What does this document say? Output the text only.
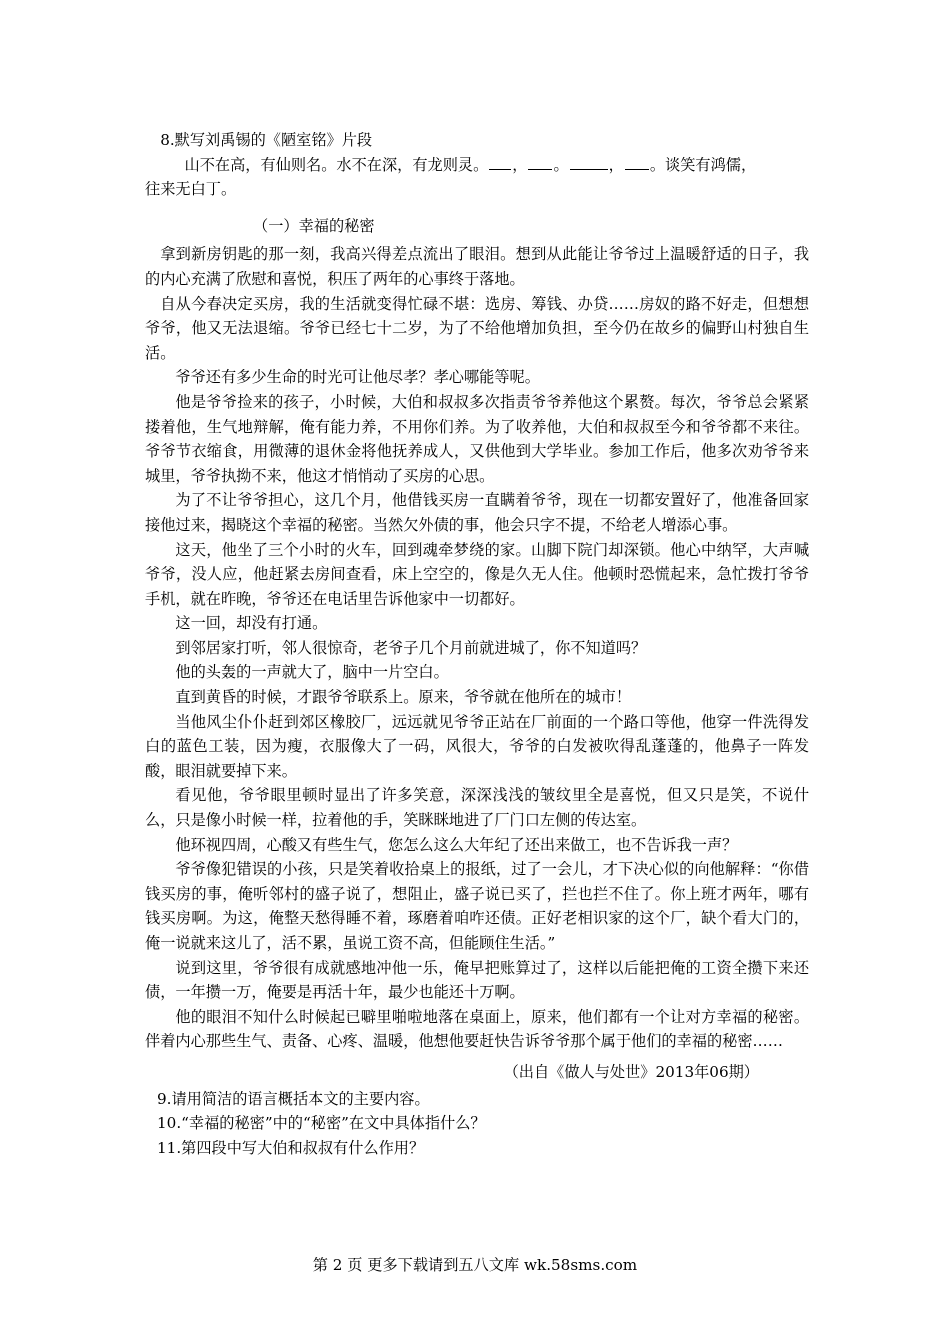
8.默写刘禹锡的《陋室铭》片段

山不在高，有仙则名。水不在深，有龙则灵。 ， 。	， 。谈笑有鸿儒，

往来无白丁。

（一）幸福的秘密

拿到新房钥匙的那一刻，我高兴得差点流出了眼泪。想到从此能让爷爷过上温暖舒适的日子，我的内心充满了欣慰和喜悦，积压了两年的心事终于落地。

自从今春决定买房，我的生活就变得忙碌不堪：选房、筹钱、办贷……房奴的路不好走，但想想爷爷，他又无法退缩。爷爷已经七十二岁，为了不给他增加负担，至今仍在故乡的偏野山村独自生活。

爷爷还有多少生命的时光可让他尽孝？孝心哪能等呢。

他是爷爷捡来的孩子，小时候，大伯和叔叔多次指责爷爷养他这个累赘。每次，爷爷总会紧紧搂着他，生气地辩解，俺有能力养，不用你们养。为了收养他，大伯和叔叔至今和爷爷都不来往。爷爷节衣缩食，用微薄的退休金将他抚养成人，又供他到大学毕业。参加工作后，他多次劝爷爷来城里，爷爷执拗不来，他这才悄悄动了买房的心思。

为了不让爷爷担心，这几个月，他借钱买房一直瞒着爷爷，现在一切都安置好了，他准备回家接他过来，揭晓这个幸福的秘密。当然欠外债的事，他会只字不提，不给老人增添心事。

这天，他坐了三个小时的火车，回到魂牵梦绕的家。山脚下院门却深锁。他心中纳罕，大声喊爷爷，没人应，他赶紧去房间查看，床上空空的，像是久无人住。他顿时恐慌起来，急忙拨打爷爷手机，就在昨晚，爷爷还在电话里告诉他家中一切都好。

这一回，却没有打通。

到邻居家打听，邻人很惊奇，老爷子几个月前就进城了，你不知道吗？

他的头轰的一声就大了，脑中一片空白。

直到黄昏的时候，才跟爷爷联系上。原来，爷爷就在他所在的城市！

当他风尘仆仆赶到郊区橡胶厂，远远就见爷爷正站在厂前面的一个路口等他，他穿一件洗得发白的蓝色工装，因为瘦，衣服像大了一码，风很大，爷爷的白发被吹得乱蓬蓬的，他鼻子一阵发酸，眼泪就要掉下来。

看见他，爷爷眼里顿时显出了许多笑意，深深浅浅的皱纹里全是喜悦，但又只是笑，不说什么，只是像小时候一样，拉着他的手，笑眯眯地进了厂门口左侧的传达室。

他环视四周，心酸又有些生气，您怎么这么大年纪了还出来做工，也不告诉我一声？

爷爷像犯错误的小孩，只是笑着收拾桌上的报纸，过了一会儿，才下决心似的向他解释：“你借钱买房的事，俺听邻村的盛子说了，想阻止，盛子说已买了，拦也拦不住了。你上班才两年，哪有钱买房啊。为这，俺整天愁得睡不着，琢磨着咱咋还债。正好老相识家的这个厂，缺个看大门的，俺一说就来这儿了，活不累，虽说工资不高，但能顾住生活。”

说到这里，爷爷很有成就感地冲他一乐，俺早把账算过了，这样以后能把俺的工资全攒下来还债，一年攒一万，俺要是再活十年，最少也能还十万啊。

他的眼泪不知什么时候起已噼里啪啦地落在桌面上，原来，他们都有一个让对方幸福的秘密。伴着内心那些生气、责备、心疼、温暖，他想他要赶快告诉爷爷那个属于他们的幸福的秘密……

（出自《做人与处世》2013年06期）

9.请用简洁的语言概括本文的主要内容。

10.“幸福的秘密”中的“秘密”在文中具体指什么？

11.第四段中写大伯和叔叔有什么作用？

第 2 页 更多下载请到五八文库 wk.58sms.com
